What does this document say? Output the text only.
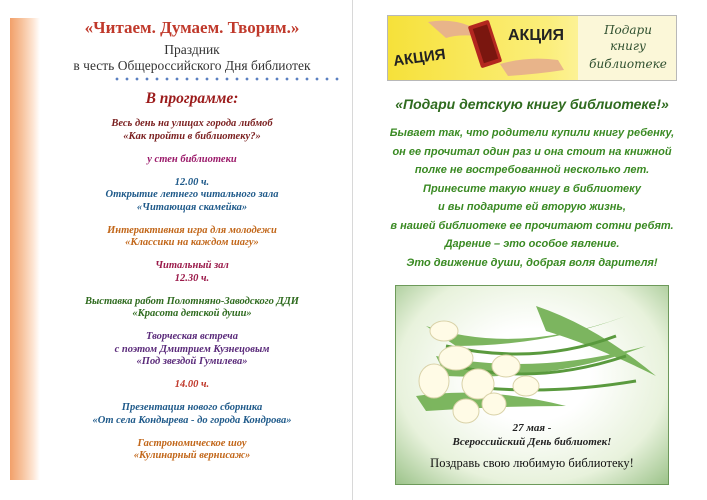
«Читаем. Думаем. Творим.»

Праздник
в честь Общероссийского Дня библиотек

В программе:

Весь день на улицах города либмоб
«Как пройти в библиотеку?»
у стен библиотеки
12.00 ч.
Открытие летнего читального зала
«Читающая скамейка»
Интерактивная игра для молодежи
«Классики на каждом шагу»
Читальный зал
12.30 ч.
Выставка работ Полотняно-Заводского ДДИ
«Красота детской души»
Творческая встреча
с поэтом Дмитрием Кузнецовым
«Под звездой Гумилева»
14.00 ч.
Презентация нового сборника
«От села Кондырева - до города Кондрова»
Гастрономическое шоу
«Кулинарный вернисаж»
АКЦИЯ
АКЦИЯ	Подари
книгу
библиотеке
«Подари детскую книгу библиотеке!»
Бывает так, что родители купили книгу ребенку,
он ее прочитал один раз и она стоит на книжной
полке не востребованной несколько лет.
Принесите такую книгу в библиотеку
и вы подарите ей вторую жизнь,
в нашей библиотеке ее прочитают сотни ребят.
Дарение – это особое явление.
Это движение души, добрая воля дарителя!
27 мая -
Всероссийский День библиотек!
Поздравь свою любимую библиотеку!
